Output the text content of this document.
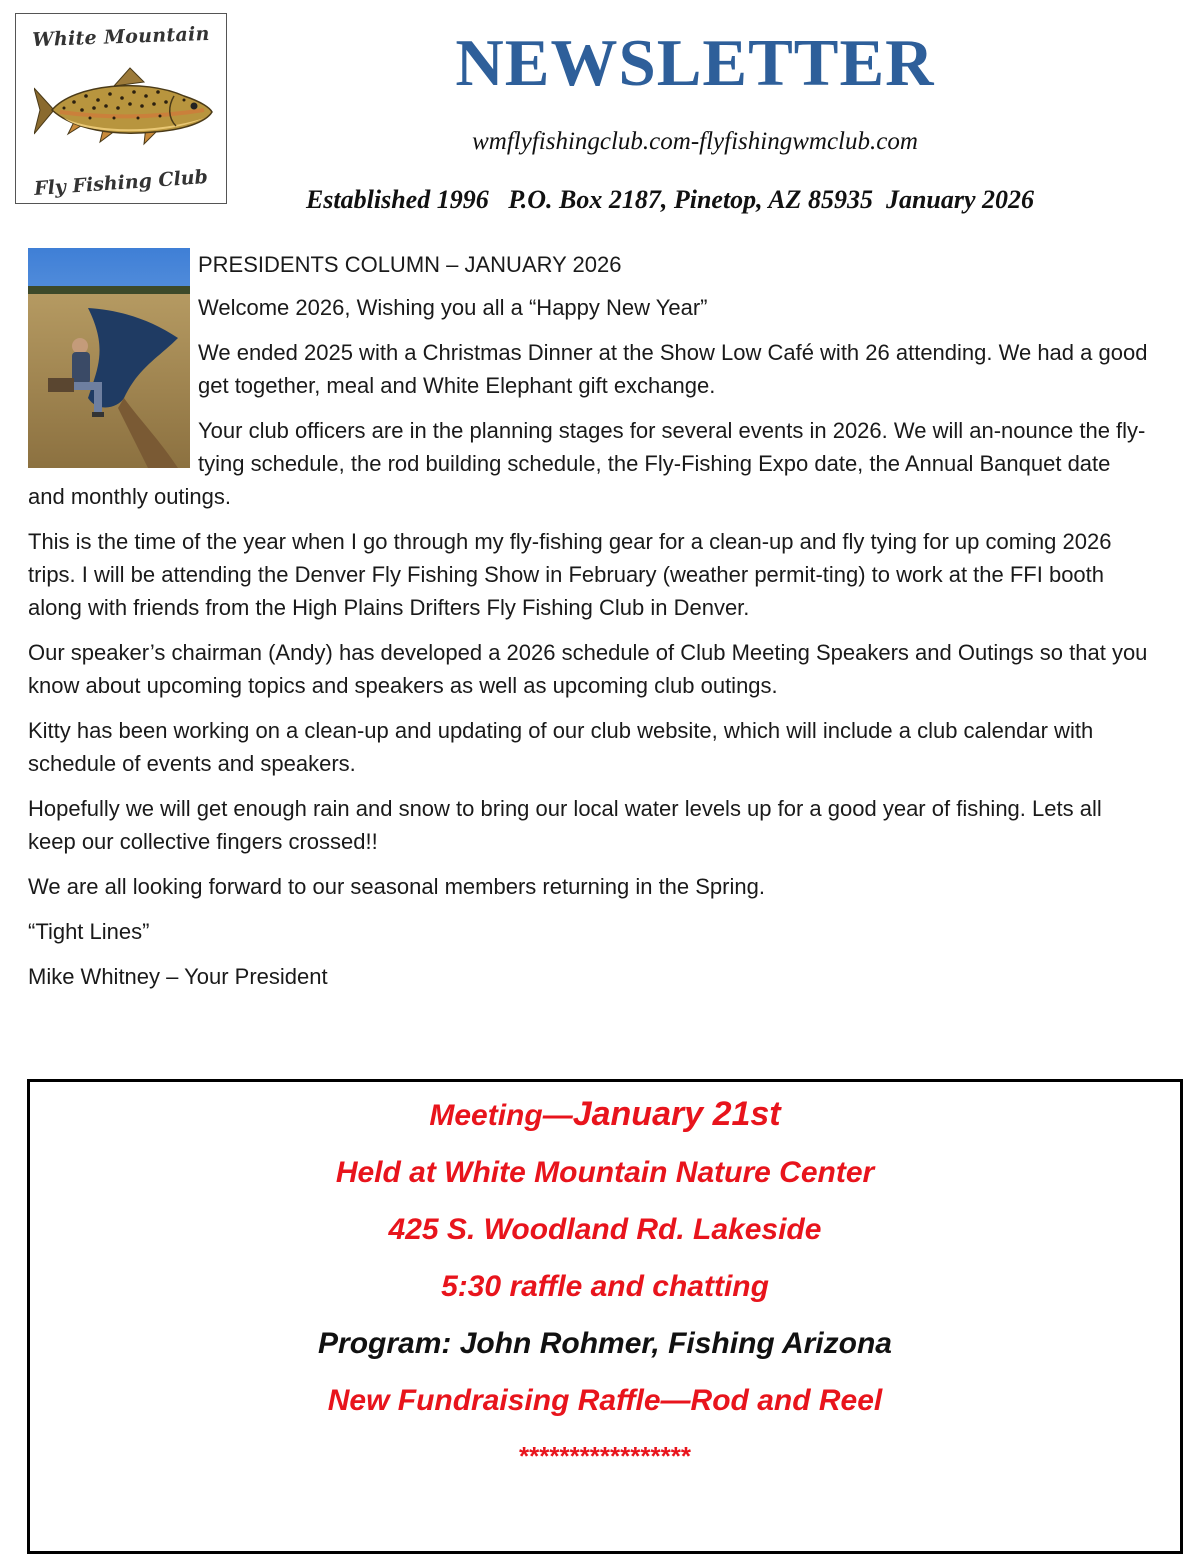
White Mountain
Fly Fishing Club
NEWSLETTER
wmflyfishingclub.com-flyfishingwmclub.com
Established 1996   P.O. Box 2187, Pinetop, AZ 85935  January 2026

PRESIDENTS COLUMN – JANUARY 2026

Welcome 2026, Wishing you all a “Happy New Year”

We ended 2025 with a Christmas Dinner at the Show Low Café with 26 attending. We had a good get together, meal and White Elephant gift exchange.

Your club officers are in the planning stages for several events in 2026. We will an-nounce the fly-tying schedule, the rod building schedule, the Fly-Fishing Expo date, the Annual Banquet date and monthly outings.

This is the time of the year when I go through my fly-fishing gear for a clean-up and fly tying for up coming 2026 trips. I will be attending the Denver Fly Fishing Show in February (weather permit-ting) to work at the FFI booth along with friends from the High Plains Drifters Fly Fishing Club in Denver.

Our speaker’s chairman (Andy) has developed a 2026 schedule of Club Meeting Speakers and Outings so that you know about upcoming topics and speakers as well as upcoming club outings.

Kitty has been working on a clean-up and updating of our club website, which will include a club calendar with schedule of events and speakers.

Hopefully we will get enough rain and snow to bring our local water levels up for a good year of fishing. Lets all keep our collective fingers crossed!!

We are all looking forward to our seasonal members returning in the Spring.

“Tight Lines”

Mike Whitney – Your President

Meeting—January 21st
Held at White Mountain Nature Center
425 S. Woodland Rd. Lakeside
5:30 raffle and chatting
Program: John Rohmer, Fishing Arizona
New Fundraising Raffle—Rod and Reel
*****************
